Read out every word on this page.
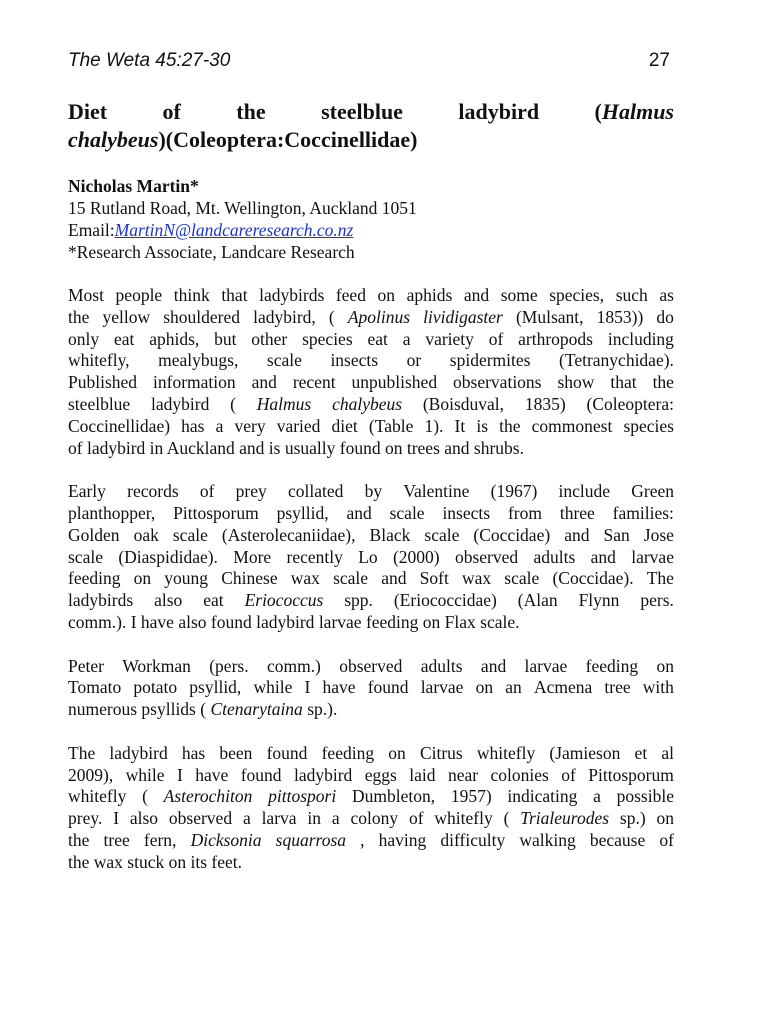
The Weta 45:27-30	27
Diet	of	the	steelblue	ladybird	(Halmus
chalybeus)(Coleoptera:Coccinellidae)
Nicholas Martin*
15 Rutland Road, Mt. Wellington, Auckland 1051
Email:MartinN@landcareresearch.co.nz
*Research Associate, Landcare Research

Most people think that ladybirds feed on aphids and some species, such as
the yellow shouldered ladybird, ( Apolinus lividigaster (Mulsant, 1853)) do
only eat aphids, but other species eat a variety of arthropods including
whitefly, mealybugs, scale insects or spidermites (Tetranychidae).
Published information and recent unpublished observations show that the
steelblue ladybird ( Halmus chalybeus (Boisduval, 1835) (Coleoptera:
Coccinellidae) has a very varied diet (Table 1). It is the commonest species
of ladybird in Auckland and is usually found on trees and shrubs.

Early records of prey collated by Valentine (1967) include Green
planthopper, Pittosporum psyllid, and scale insects from three families:
Golden oak scale (Asterolecaniidae), Black scale (Coccidae) and San Jose
scale (Diaspididae). More recently Lo (2000) observed adults and larvae
feeding on young Chinese wax scale and Soft wax scale (Coccidae). The
ladybirds also eat Eriococcus spp. (Eriococcidae) (Alan Flynn pers.
comm.). I have also found ladybird larvae feeding on Flax scale.

Peter Workman (pers. comm.) observed adults and larvae feeding on
Tomato potato psyllid, while I have found larvae on an Acmena tree with
numerous psyllids ( Ctenarytaina sp.).

The ladybird has been found feeding on Citrus whitefly (Jamieson et al
2009), while I have found ladybird eggs laid near colonies of Pittosporum
whitefly ( Asterochiton pittospori Dumbleton, 1957) indicating a possible
prey. I also observed a larva in a colony of whitefly ( Trialeurodes sp.) on
the tree fern, Dicksonia squarrosa , having difficulty walking because of
the wax stuck on its feet.
